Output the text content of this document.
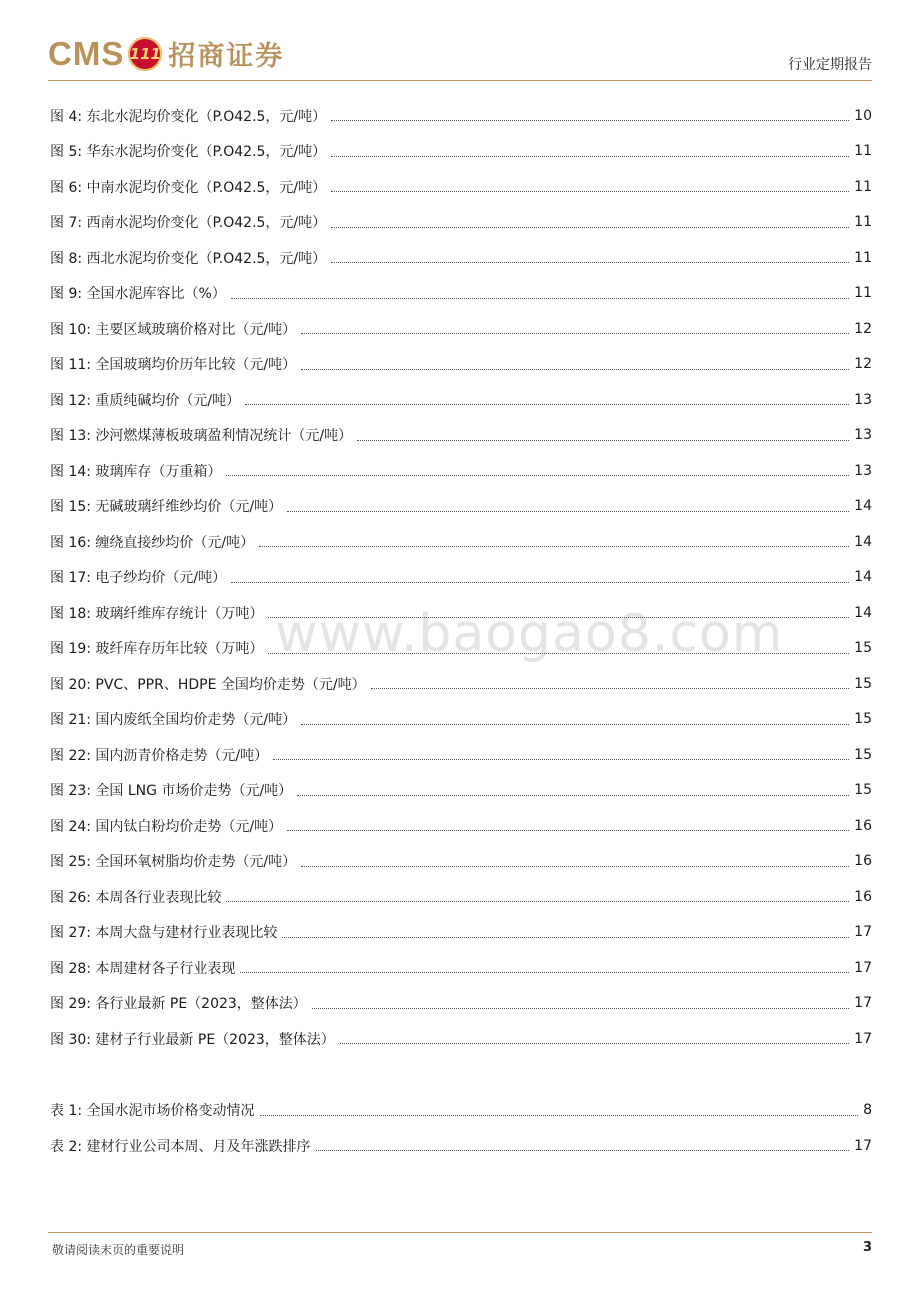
CMS 111 招商证券	行业定期报告
www.baogao8.com
图 4: 东北水泥均价变化（P.O42.5，元/吨）	10
图 5: 华东水泥均价变化（P.O42.5，元/吨）	11
图 6: 中南水泥均价变化（P.O42.5，元/吨）	11
图 7: 西南水泥均价变化（P.O42.5，元/吨）	11
图 8: 西北水泥均价变化（P.O42.5，元/吨）	11
图 9: 全国水泥库容比（%）	11
图 10: 主要区域玻璃价格对比（元/吨）	12
图 11: 全国玻璃均价历年比较（元/吨）	12
图 12: 重质纯碱均价（元/吨）	13
图 13: 沙河燃煤薄板玻璃盈利情况统计（元/吨）	13
图 14: 玻璃库存（万重箱）	13
图 15: 无碱玻璃纤维纱均价（元/吨）	14
图 16: 缠绕直接纱均价（元/吨）	14
图 17: 电子纱均价（元/吨）	14
图 18: 玻璃纤维库存统计（万吨）	14
图 19: 玻纤库存历年比较（万吨）	15
图 20: PVC、PPR、HDPE 全国均价走势（元/吨）	15
图 21: 国内废纸全国均价走势（元/吨）	15
图 22: 国内沥青价格走势（元/吨）	15
图 23: 全国 LNG 市场价走势（元/吨）	15
图 24: 国内钛白粉均价走势（元/吨）	16
图 25: 全国环氧树脂均价走势（元/吨）	16
图 26: 本周各行业表现比较	16
图 27: 本周大盘与建材行业表现比较	17
图 28: 本周建材各子行业表现	17
图 29: 各行业最新 PE（2023，整体法）	17
图 30: 建材子行业最新 PE（2023，整体法）	17
表 1: 全国水泥市场价格变动情况	8
表 2: 建材行业公司本周、月及年涨跌排序	17
敬请阅读末页的重要说明	3
